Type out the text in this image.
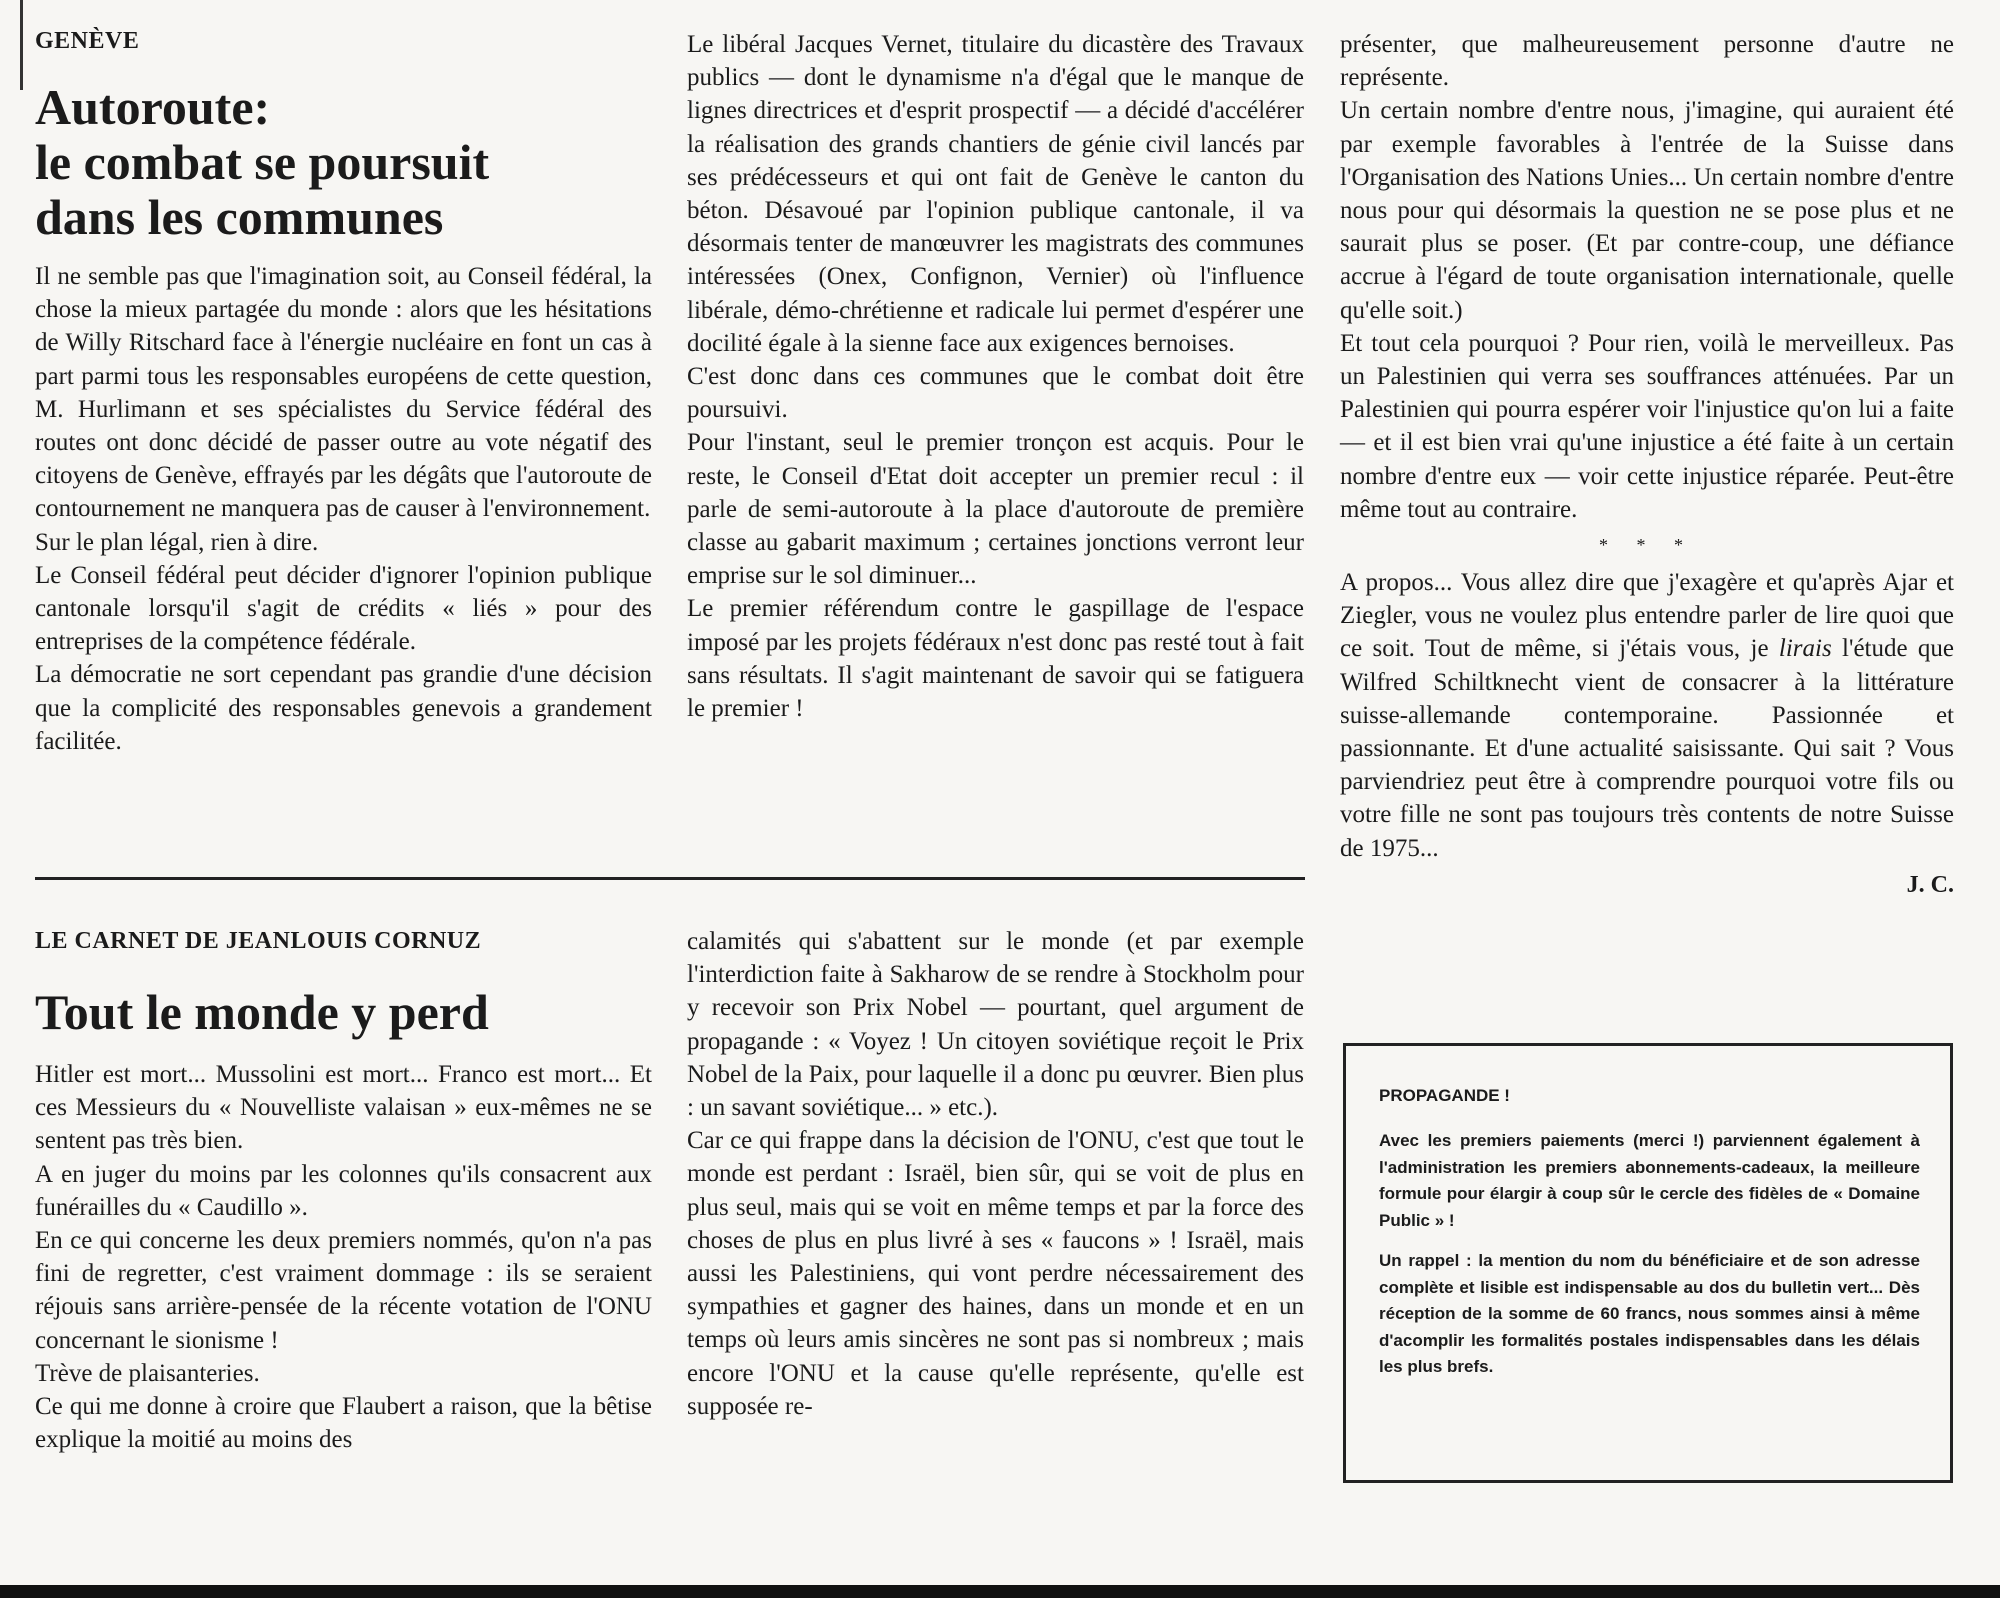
GENÈVE
Autoroute:
le combat se poursuit
dans les communes

Il ne semble pas que l'imagination soit, au Conseil fédéral, la chose la mieux partagée du monde : alors que les hésitations de Willy Ritschard face à l'énergie nucléaire en font un cas à part parmi tous les responsables européens de cette question, M. Hurlimann et ses spécialistes du Service fédéral des routes ont donc décidé de passer outre au vote négatif des citoyens de Genève, effrayés par les dégâts que l'autoroute de contournement ne manquera pas de causer à l'environnement.

Sur le plan légal, rien à dire.

Le Conseil fédéral peut décider d'ignorer l'opinion publique cantonale lorsqu'il s'agit de crédits « liés » pour des entreprises de la compétence fédérale.

La démocratie ne sort cependant pas grandie d'une décision que la complicité des responsables genevois a grandement facilitée.

Le libéral Jacques Vernet, titulaire du dicastère des Travaux publics — dont le dynamisme n'a d'égal que le manque de lignes directrices et d'esprit prospectif — a décidé d'accélérer la réalisation des grands chantiers de génie civil lancés par ses prédécesseurs et qui ont fait de Genève le canton du béton. Désavoué par l'opinion publique cantonale, il va désormais tenter de manœuvrer les magistrats des communes intéressées (Onex, Confignon, Vernier) où l'influence libérale, démo-chrétienne et radicale lui permet d'espérer une docilité égale à la sienne face aux exigences bernoises.

C'est donc dans ces communes que le combat doit être poursuivi.

Pour l'instant, seul le premier tronçon est acquis. Pour le reste, le Conseil d'Etat doit accepter un premier recul : il parle de semi-autoroute à la place d'autoroute de première classe au gabarit maximum ; certaines jonctions verront leur emprise sur le sol diminuer...

Le premier référendum contre le gaspillage de l'espace imposé par les projets fédéraux n'est donc pas resté tout à fait sans résultats. Il s'agit maintenant de savoir qui se fatiguera le premier !

LE CARNET DE JEANLOUIS CORNUZ
Tout le monde y perd

Hitler est mort... Mussolini est mort... Franco est mort... Et ces Messieurs du « Nouvelliste valaisan » eux-mêmes ne se sentent pas très bien.

A en juger du moins par les colonnes qu'ils consacrent aux funérailles du « Caudillo ».

En ce qui concerne les deux premiers nommés, qu'on n'a pas fini de regretter, c'est vraiment dommage : ils se seraient réjouis sans arrière-pensée de la récente votation de l'ONU concernant le sionisme !

Trève de plaisanteries.

Ce qui me donne à croire que Flaubert a raison, que la bêtise explique la moitié au moins des

calamités qui s'abattent sur le monde (et par exemple l'interdiction faite à Sakharow de se rendre à Stockholm pour y recevoir son Prix Nobel — pourtant, quel argument de propagande : « Voyez ! Un citoyen soviétique reçoit le Prix Nobel de la Paix, pour laquelle il a donc pu œuvrer. Bien plus : un savant soviétique... » etc.).

Car ce qui frappe dans la décision de l'ONU, c'est que tout le monde est perdant : Israël, bien sûr, qui se voit de plus en plus seul, mais qui se voit en même temps et par la force des choses de plus en plus livré à ses « faucons » ! Israël, mais aussi les Palestiniens, qui vont perdre nécessairement des sympathies et gagner des haines, dans un monde et en un temps où leurs amis sincères ne sont pas si nombreux ; mais encore l'ONU et la cause qu'elle représente, qu'elle est supposée re-

présenter, que malheureusement personne d'autre ne représente.

Un certain nombre d'entre nous, j'imagine, qui auraient été par exemple favorables à l'entrée de la Suisse dans l'Organisation des Nations Unies... Un certain nombre d'entre nous pour qui désormais la question ne se pose plus et ne saurait plus se poser. (Et par contre-coup, une défiance accrue à l'égard de toute organisation internationale, quelle qu'elle soit.)

Et tout cela pourquoi ? Pour rien, voilà le merveilleux. Pas un Palestinien qui verra ses souffrances atténuées. Par un Palestinien qui pourra espérer voir l'injustice qu'on lui a faite — et il est bien vrai qu'une injustice a été faite à un certain nombre d'entre eux — voir cette injustice réparée. Peut-être même tout au contraire.

* * *

A propos... Vous allez dire que j'exagère et qu'après Ajar et Ziegler, vous ne voulez plus entendre parler de lire quoi que ce soit. Tout de même, si j'étais vous, je lirais l'étude que Wilfred Schiltknecht vient de consacrer à la littérature suisse-allemande contemporaine. Passionnée et passionnante. Et d'une actualité saisissante. Qui sait ? Vous parviendriez peut être à comprendre pourquoi votre fils ou votre fille ne sont pas toujours très contents de notre Suisse de 1975...

J. C.
PROPAGANDE !

Avec les premiers paiements (merci !) parviennent également à l'administration les premiers abonnements-cadeaux, la meilleure formule pour élargir à coup sûr le cercle des fidèles de « Domaine Public » !

Un rappel : la mention du nom du bénéficiaire et de son adresse complète et lisible est indispensable au dos du bulletin vert... Dès réception de la somme de 60 francs, nous sommes ainsi à même d'acomplir les formalités postales indispensables dans les délais les plus brefs.
